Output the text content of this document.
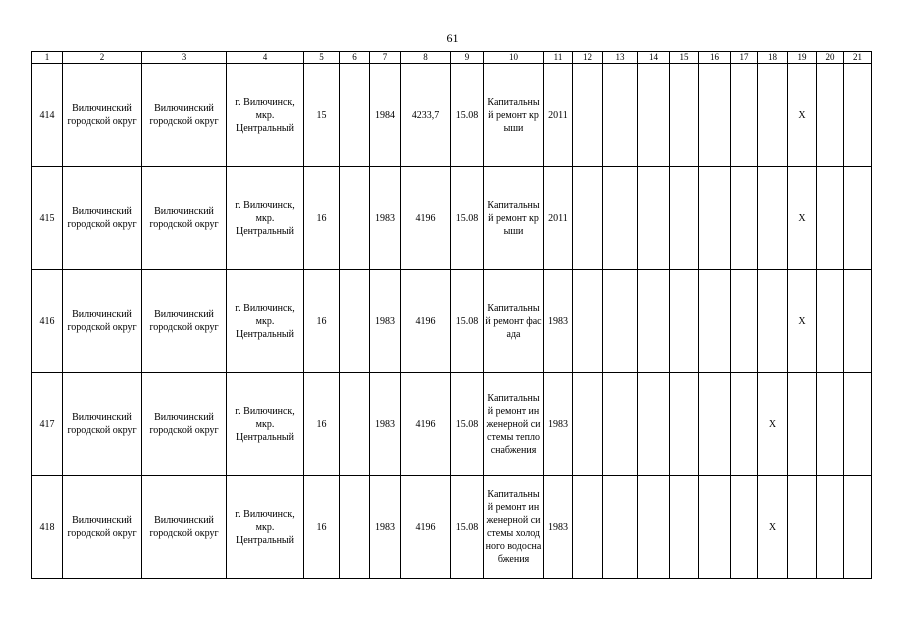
61
1	2	3	4	5	6	7	8	9	10	11	12	13	14	15	16	17	18	19	20	21
414	Вилючинский городской округ	Вилючинский городской округ	г. Вилючинск, мкр. Центральный	15		1984	4233,7	15.08	Капитальный ремонт крыши	2011								X		
415	Вилючинский городской округ	Вилючинский городской округ	г. Вилючинск, мкр. Центральный	16		1983	4196	15.08	Капитальный ремонт крыши	2011								X		
416	Вилючинский городской округ	Вилючинский городской округ	г. Вилючинск, мкр. Центральный	16		1983	4196	15.08	Капитальный ремонт фасада	1983								X		
417	Вилючинский городской округ	Вилючинский городской округ	г. Вилючинск, мкр. Центральный	16		1983	4196	15.08	Капитальный ремонт инженерной системы теплоснабжения	1983							X			
418	Вилючинский городской округ	Вилючинский городской округ	г. Вилючинск, мкр. Центральный	16		1983	4196	15.08	Капитальный ремонт инженерной системы холодного водоснабжения	1983							X			
